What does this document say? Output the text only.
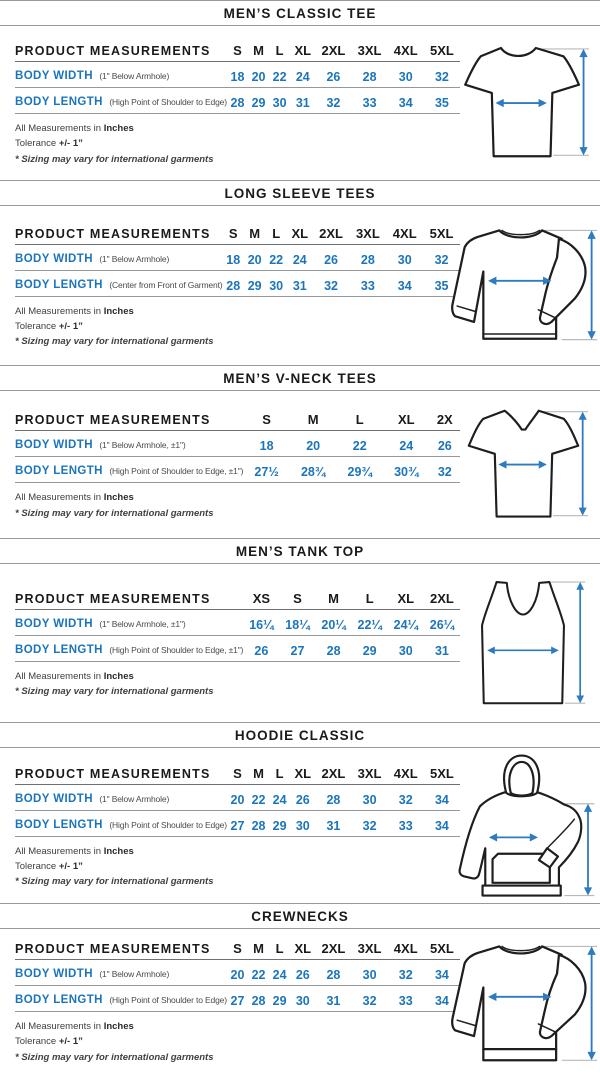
MEN’S CLASSIC TEE
PRODUCT MEASUREMENTS	S	M	L	XL	2XL	3XL	4XL	5XL
BODY WIDTH (1" Below Armhole)	18	20	22	24	26	28	30	32
BODY LENGTH (High Point of Shoulder to Edge)	28	29	30	31	32	33	34	35

All Measurements in Inches

Tolerance +/- 1”

* Sizing may vary for international garments

LONG SLEEVE TEES
PRODUCT MEASUREMENTS	S	M	L	XL	2XL	3XL	4XL	5XL
BODY WIDTH (1" Below Armhole)	18	20	22	24	26	28	30	32
BODY LENGTH (Center from Front of Garment)	28	29	30	31	32	33	34	35

All Measurements in Inches

Tolerance +/- 1”

* Sizing may vary for international garments

MEN’S V-NECK TEES
PRODUCT MEASUREMENTS	S	M	L	XL	2X
BODY WIDTH (1" Below Armhole, ±1")	18	20	22	24	26
BODY LENGTH (High Point of Shoulder to Edge, ±1")	27½	28¾	29¾	30¾	32

All Measurements in Inches

* Sizing may vary for international garments

MEN’S TANK TOP
PRODUCT MEASUREMENTS	XS	S	M	L	XL	2XL
BODY WIDTH (1" Below Armhole, ±1")	16¼	18¼	20¼	22¼	24¼	26¼
BODY LENGTH (High Point of Shoulder to Edge, ±1")	26	27	28	29	30	31

All Measurements in Inches

* Sizing may vary for international garments

HOODIE CLASSIC
PRODUCT MEASUREMENTS	S	M	L	XL	2XL	3XL	4XL	5XL
BODY WIDTH (1" Below Armhole)	20	22	24	26	28	30	32	34
BODY LENGTH (High Point of Shoulder to Edge)	27	28	29	30	31	32	33	34

All Measurements in Inches

Tolerance +/- 1”

* Sizing may vary for international garments

CREWNECKS
PRODUCT MEASUREMENTS	S	M	L	XL	2XL	3XL	4XL	5XL
BODY WIDTH (1" Below Armhole)	20	22	24	26	28	30	32	34
BODY LENGTH (High Point of Shoulder to Edge)	27	28	29	30	31	32	33	34

All Measurements in Inches

Tolerance +/- 1”

* Sizing may vary for international garments
